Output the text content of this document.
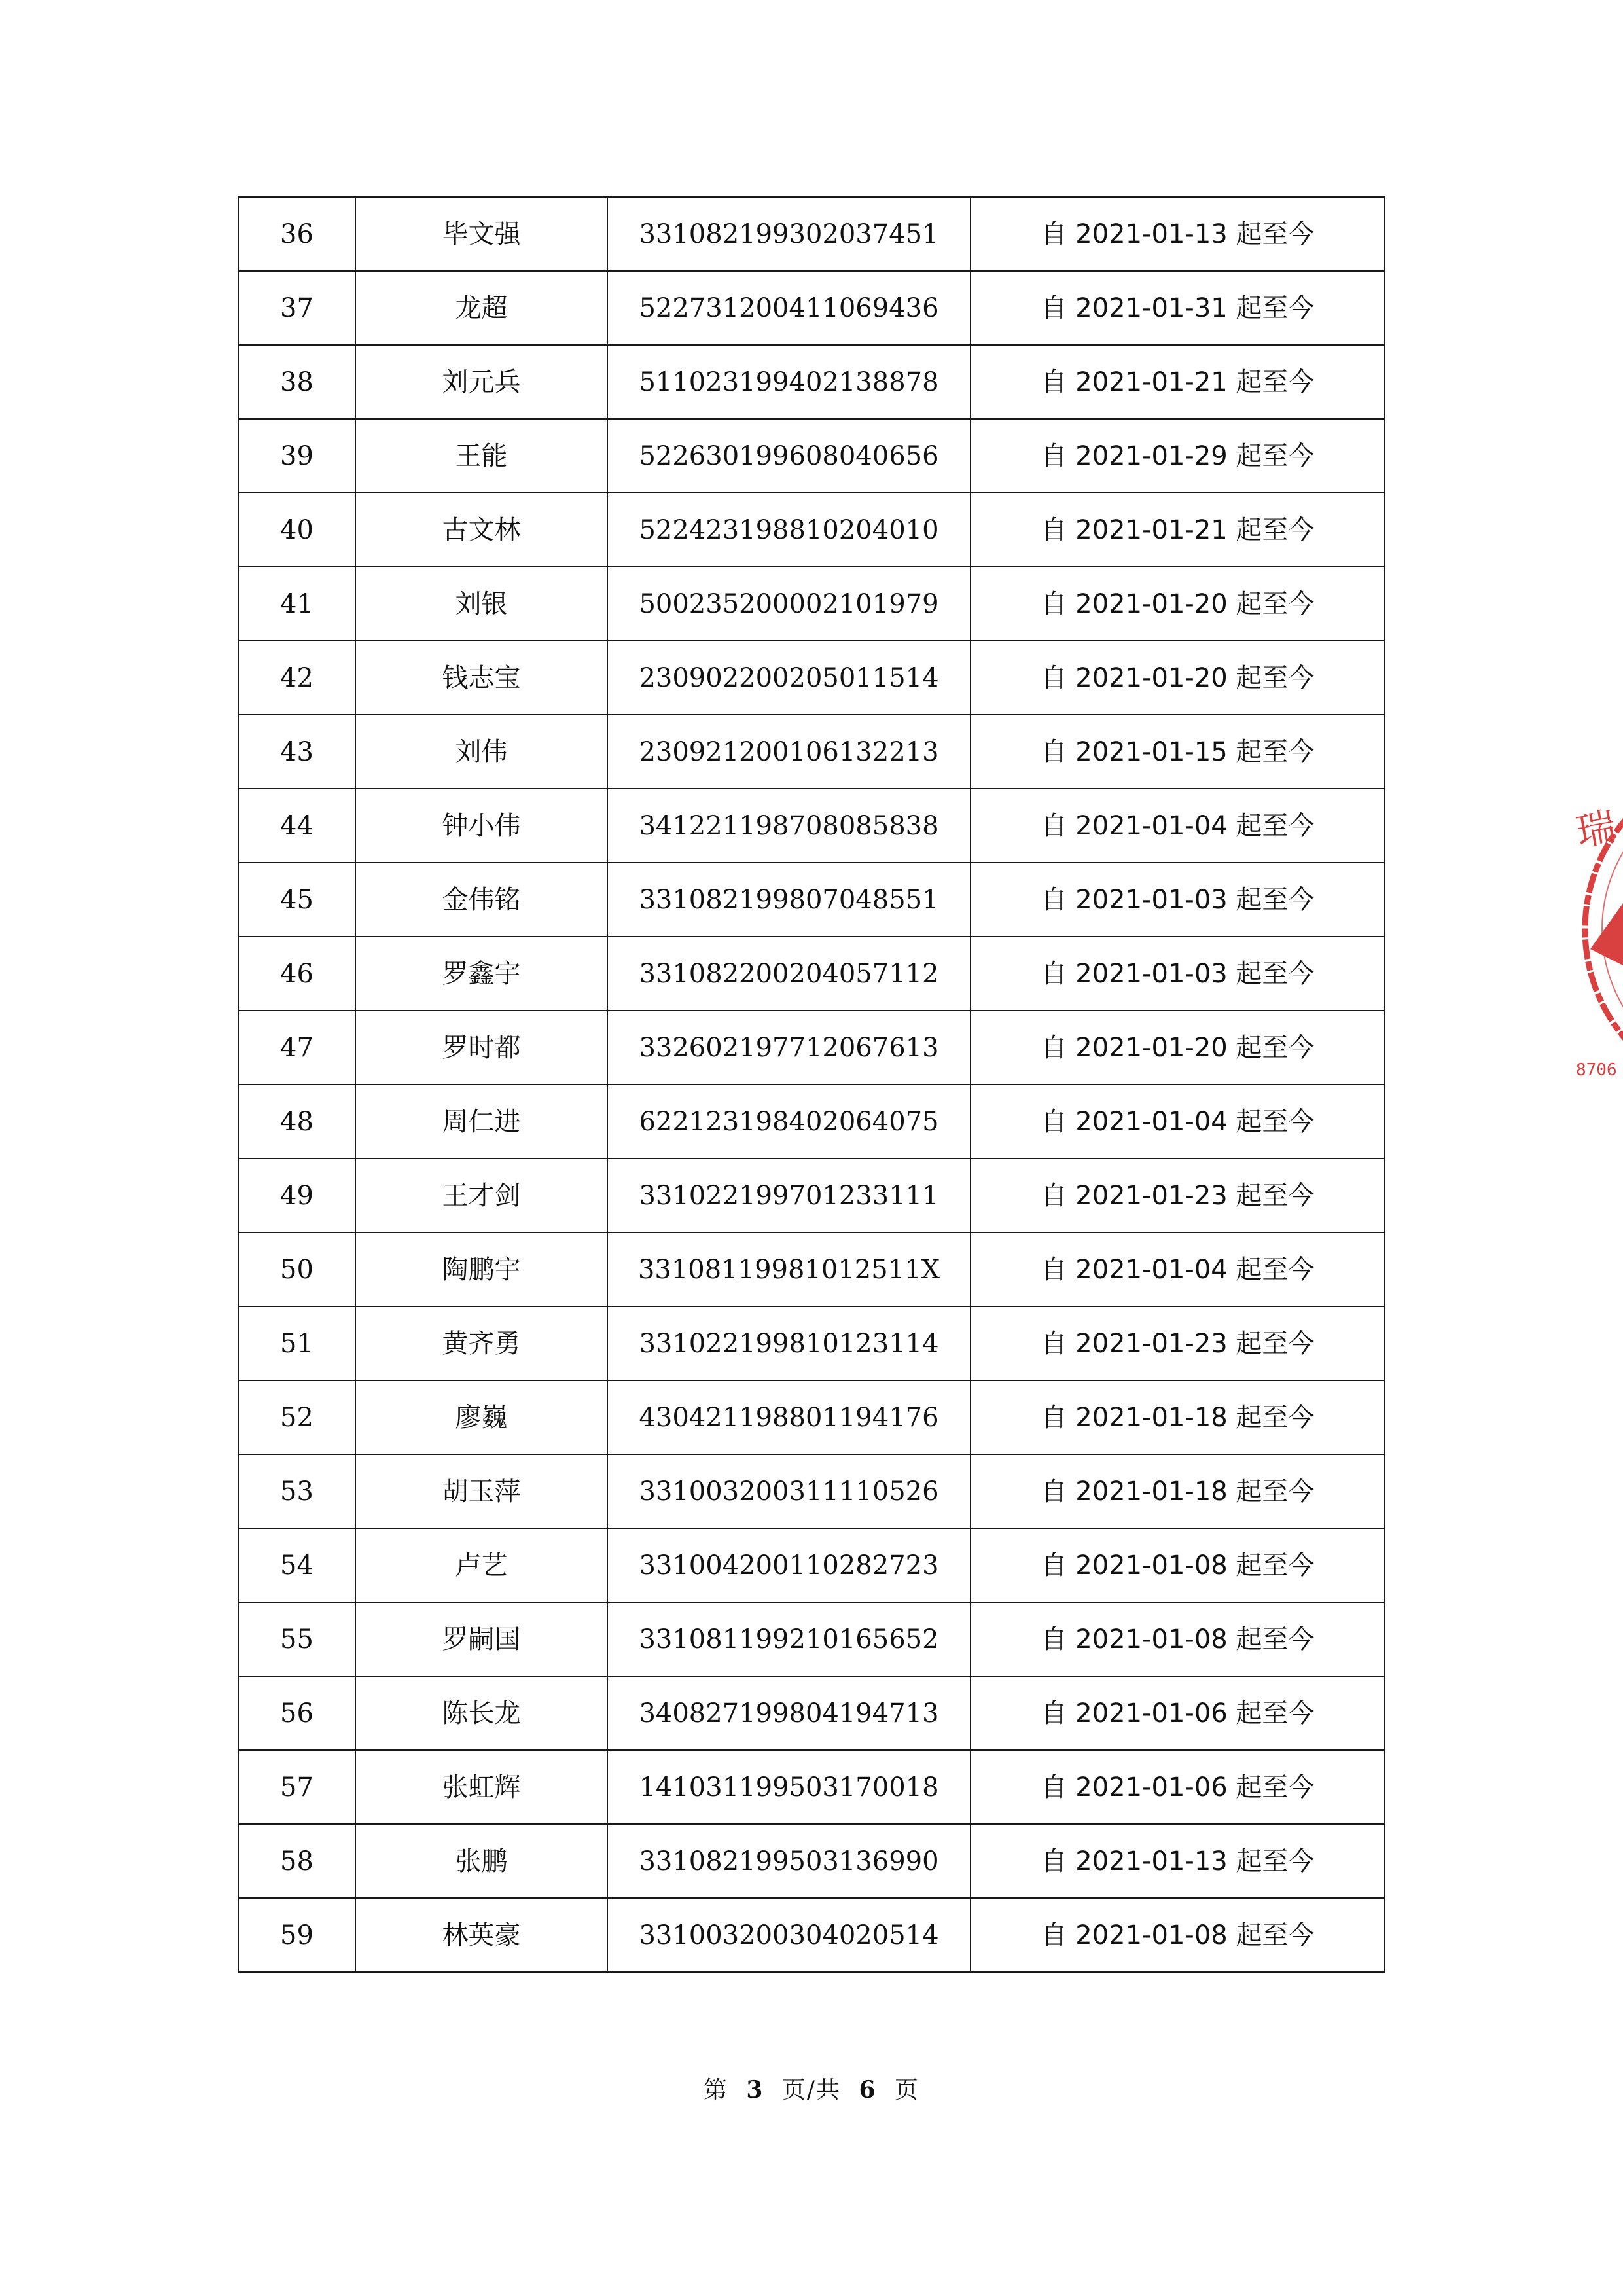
36	毕文强	331082199302037451	自 2021-01-13 起至今
37	龙超	522731200411069436	自 2021-01-31 起至今
38	刘元兵	511023199402138878	自 2021-01-21 起至今
39	王能	522630199608040656	自 2021-01-29 起至今
40	古文林	522423198810204010	自 2021-01-21 起至今
41	刘银	500235200002101979	自 2021-01-20 起至今
42	钱志宝	230902200205011514	自 2021-01-20 起至今
43	刘伟	230921200106132213	自 2021-01-15 起至今
44	钟小伟	341221198708085838	自 2021-01-04 起至今
45	金伟铭	331082199807048551	自 2021-01-03 起至今
46	罗鑫宇	331082200204057112	自 2021-01-03 起至今
47	罗时都	332602197712067613	自 2021-01-20 起至今
48	周仁进	622123198402064075	自 2021-01-04 起至今
49	王才剑	331022199701233111	自 2021-01-23 起至今
50	陶鹏宇	33108119981012511X	自 2021-01-04 起至今
51	黄齐勇	331022199810123114	自 2021-01-23 起至今
52	廖巍	430421198801194176	自 2021-01-18 起至今
53	胡玉萍	331003200311110526	自 2021-01-18 起至今
54	卢艺	331004200110282723	自 2021-01-08 起至今
55	罗嗣国	331081199210165652	自 2021-01-08 起至今
56	陈长龙	340827199804194713	自 2021-01-06 起至今
57	张虹辉	141031199503170018	自 2021-01-06 起至今
58	张鹏	331082199503136990	自 2021-01-13 起至今
59	林英豪	331003200304020514	自 2021-01-08 起至今
瑞
8706
第 3 页/共 6 页
